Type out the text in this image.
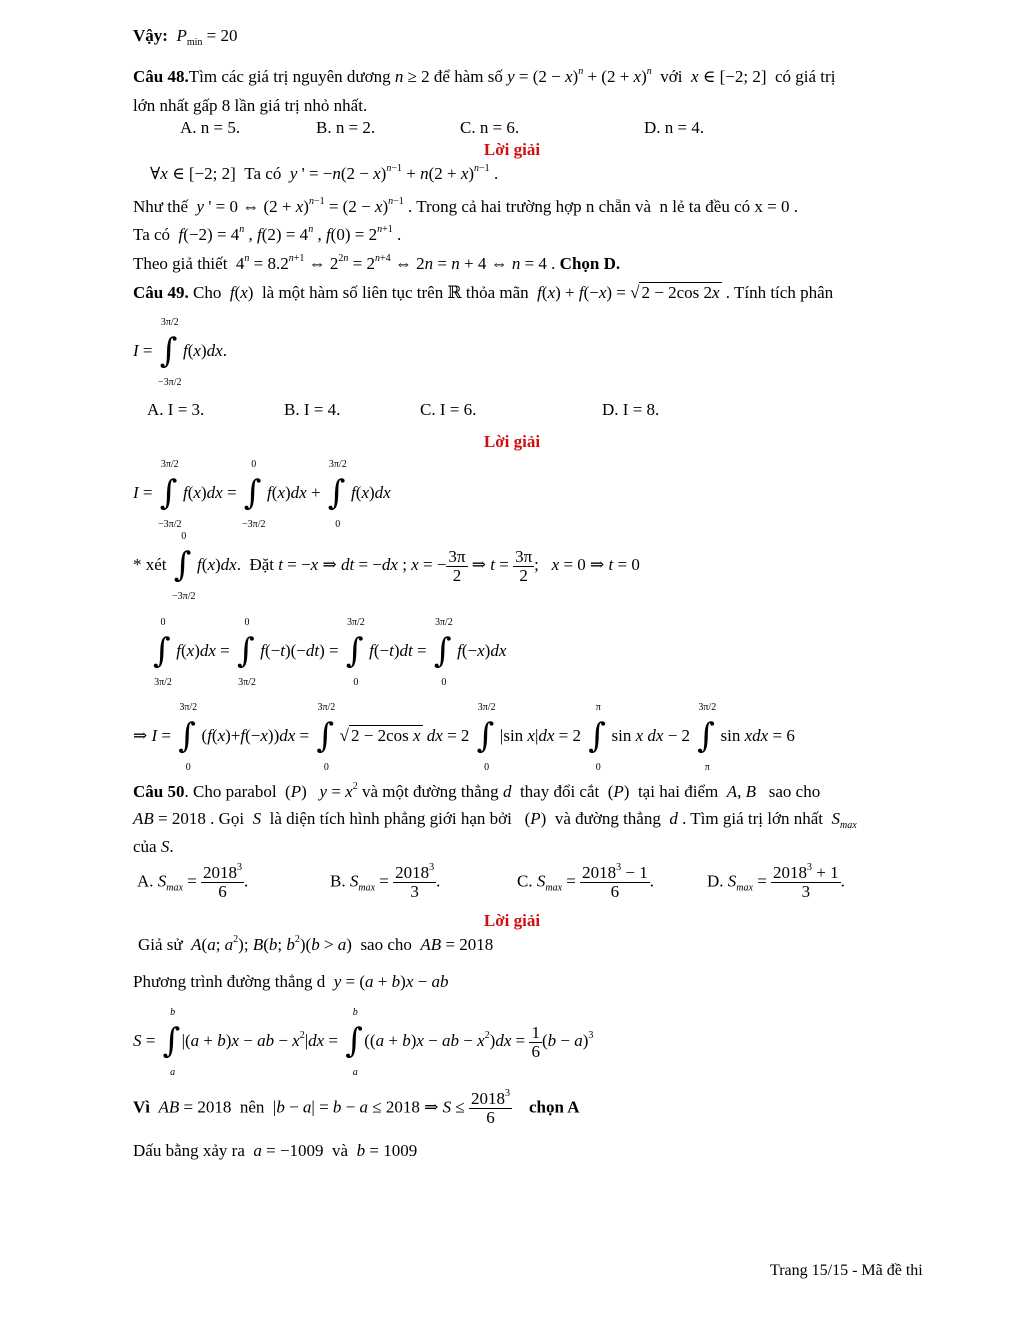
Vậy:  $P_{min} = 20$
Câu 48.Tìm các giá trị nguyên dương n ≥ 2 để hàm số $y = (2 - x)^n + (2 + x)^n$  với  x ∈ [−2; 2]  có giá trị
lớn nhất gấp 8 lần giá trị nhỏ nhất.
A. n = 5.	B. n = 2.	C. n = 6.	D. n = 4.
Lời giải
∀x ∈ [−2; 2]  Ta có  y ' = $-n(2 - x)^{n-1} + n(2 + x)^{n-1}$ .
Như thế  y ' = 0 ⇔ $(2 + x)^{n-1} = (2 - x)^{n-1}$ . Trong cả hai trường hợp n chẵn và  n lẻ ta đều có x = 0 .
Ta có  $f(-2) = 4^n$ , $f(2) = 4^n$ , $f(0) = 2^{n+1}$ .
Theo giả thiết  $4^n = 8.2^{n+1}$ ⇔ $2^{2n} = 2^{n+4}$ ⇔ 2n = n + 4 ⇔ n = 4 . Chọn D.
Câu 49. Cho  f(x)  là một hàm số liên tục trên ℝ thỏa mãn  f(x) + f(−x) = √ 2 − 2cos 2x . Tính tích phân
I =
3π/2
∫
−3π/2
f(x)dx.
A. I = 3.	B. I = 4.	C. I = 6.	D. I = 8.
Lời giải
I =
3π/2
∫
−3π/2
f(x)dx =
0
∫
−3π/2
f(x)dx +
3π/2
∫
0
f(x)dx
* xét
0
∫
−3π/2
f(x)dx.  Đặt t = −x ⇒ dt = −dx ; x = − $\frac{3\pi}{2}$ ⇒ $t = \frac{3\pi}{2}$ ;   x = 0 ⇒ t = 0
0
∫
3π/2
f(x)dx =
0
∫
3π/2
f(−t)(−dt) =
3π/2
∫
0
f(−t)dt =
3π/2
∫
0
f(−x)dx
⇒ I =
3π/2
∫
0
(f(x)+f(−x))dx =
3π/2
∫
0
√ 2 − 2cos x dx = 2
3π/2
∫
0
|sin x|dx = 2
π
∫
0
sin x dx − 2
3π/2
∫
π
sin xdx = 6
Câu 50. Cho parabol  (P)   $y = x^2$ và một đường thẳng d  thay đổi cắt  (P)  tại hai điểm  A, B   sao cho
AB = 2018 . Gọi  S  là diện tích hình phẳng giới hạn bởi   (P)  và đường thẳng  d . Tìm giá trị lớn nhất  $S_{max}$
của S.
A. $S_{max} = \frac{2018^3}{6}$ .	B. $S_{max} = \frac{2018^3}{3}$ .	C. $S_{max} = \frac{2018^3 - 1}{6}$ .	D. $S_{max} = \frac{2018^3 + 1}{3}$ .
Lời giải
Giả sử  A(a; $a^2$); B(b; $b^2)(b > a)$  sao cho  AB = 2018
Phương trình đường thẳng d  y = (a + b)x − ab
S =
b
∫
a
|(a + b)x − ab − $x^2|dx$ =
b
∫
a
((a + b)x − ab − $x^2)dx = \frac{1}{6} (b - a)^3$
Vì AB = 2018  nên  |b − a| = b − a ≤ 2018 ⇒ $S \le \frac{2018^3}{6}$ chọn A
Dấu bằng xảy ra  a = −1009  và  b = 1009
Trang 15/15 - Mã đề thi
